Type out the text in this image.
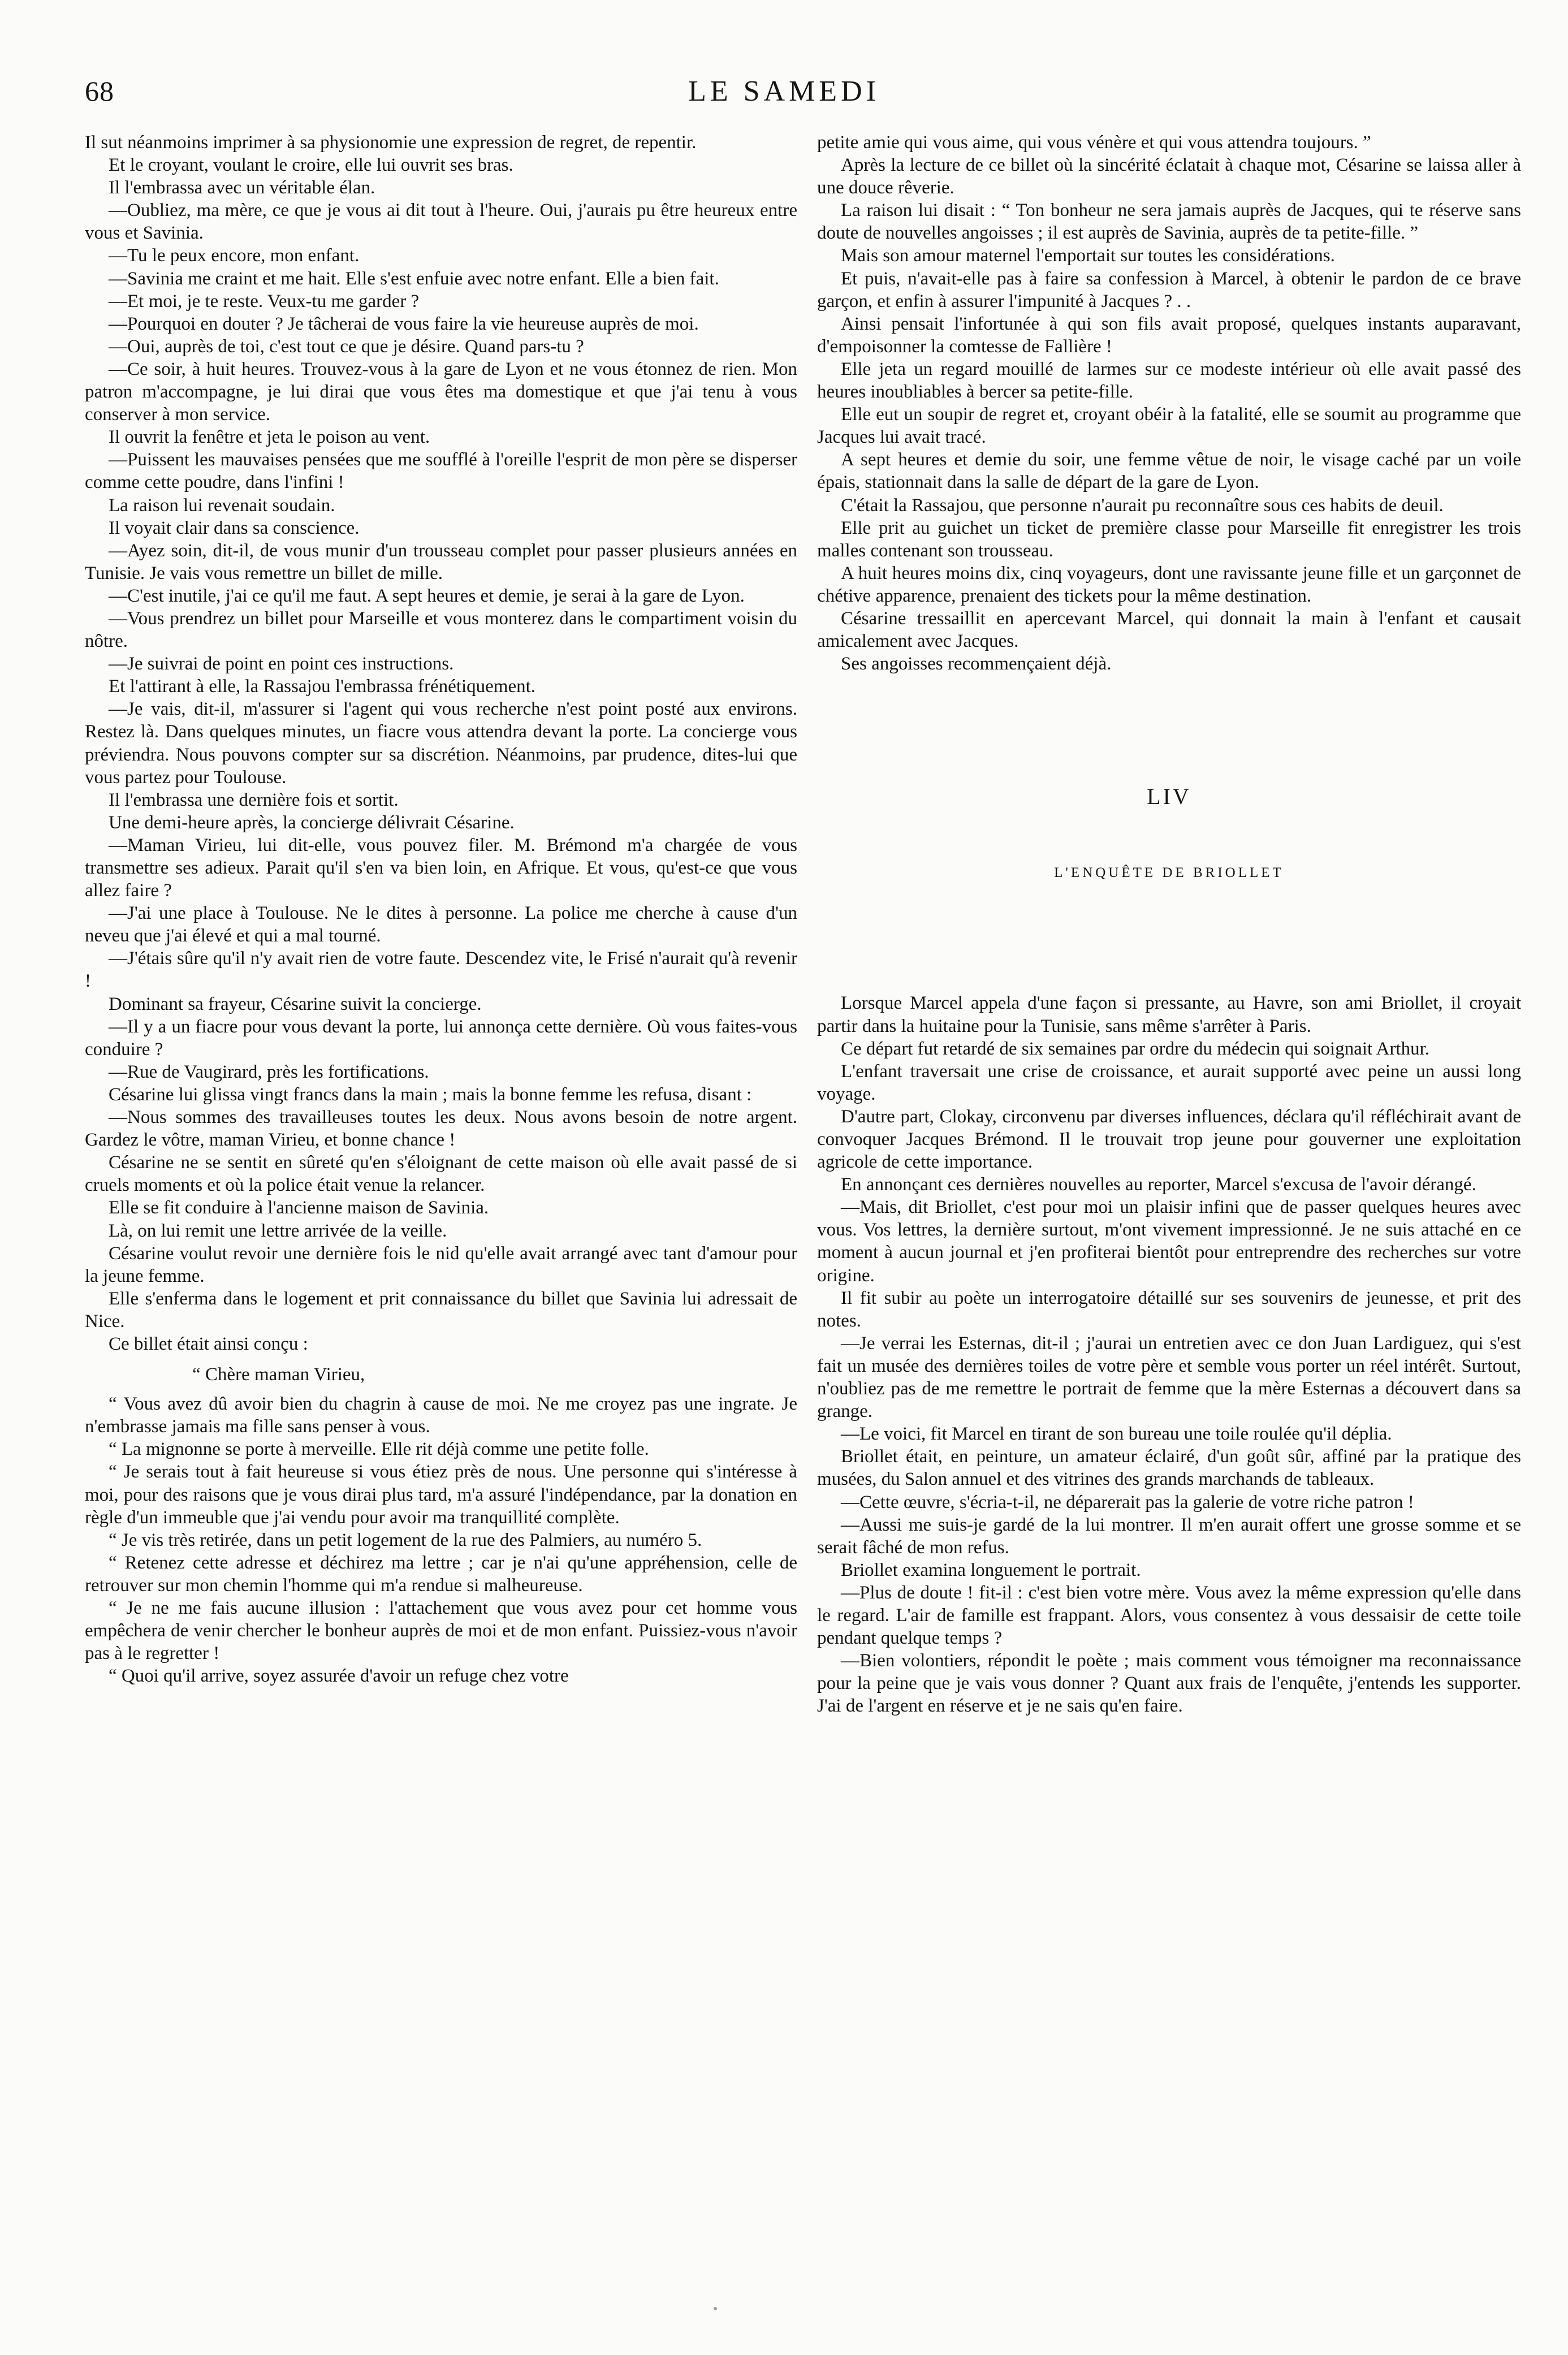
68	LE SAMEDI

Il sut néanmoins imprimer à sa physionomie une expression de regret, de repentir.

Et le croyant, voulant le croire, elle lui ouvrit ses bras.

Il l'embrassa avec un véritable élan.

—Oubliez, ma mère, ce que je vous ai dit tout à l'heure. Oui, j'aurais pu être heureux entre vous et Savinia.

—Tu le peux encore, mon enfant.

—Savinia me craint et me hait. Elle s'est enfuie avec notre enfant. Elle a bien fait.

—Et moi, je te reste. Veux-tu me garder ?

—Pourquoi en douter ? Je tâcherai de vous faire la vie heureuse auprès de moi.

—Oui, auprès de toi, c'est tout ce que je désire. Quand pars-tu ?

—Ce soir, à huit heures. Trouvez-vous à la gare de Lyon et ne vous étonnez de rien. Mon patron m'accompagne, je lui dirai que vous êtes ma domestique et que j'ai tenu à vous conserver à mon service.

Il ouvrit la fenêtre et jeta le poison au vent.

—Puissent les mauvaises pensées que me soufflé à l'oreille l'esprit de mon père se disperser comme cette poudre, dans l'infini !

La raison lui revenait soudain.

Il voyait clair dans sa conscience.

—Ayez soin, dit-il, de vous munir d'un trousseau complet pour passer plusieurs années en Tunisie. Je vais vous remettre un billet de mille.

—C'est inutile, j'ai ce qu'il me faut. A sept heures et demie, je serai à la gare de Lyon.

—Vous prendrez un billet pour Marseille et vous monterez dans le compartiment voisin du nôtre.

—Je suivrai de point en point ces instructions.

Et l'attirant à elle, la Rassajou l'embrassa frénétiquement.

—Je vais, dit-il, m'assurer si l'agent qui vous recherche n'est point posté aux environs. Restez là. Dans quelques minutes, un fiacre vous attendra devant la porte. La concierge vous préviendra. Nous pouvons compter sur sa discrétion. Néanmoins, par prudence, dites-lui que vous partez pour Toulouse.

Il l'embrassa une dernière fois et sortit.

Une demi-heure après, la concierge délivrait Césarine.

—Maman Virieu, lui dit-elle, vous pouvez filer. M. Brémond m'a chargée de vous transmettre ses adieux. Parait qu'il s'en va bien loin, en Afrique. Et vous, qu'est-ce que vous allez faire ?

—J'ai une place à Toulouse. Ne le dites à personne. La police me cherche à cause d'un neveu que j'ai élevé et qui a mal tourné.

—J'étais sûre qu'il n'y avait rien de votre faute. Descendez vite, le Frisé n'aurait qu'à revenir !

Dominant sa frayeur, Césarine suivit la concierge.

—Il y a un fiacre pour vous devant la porte, lui annonça cette dernière. Où vous faites-vous conduire ?

—Rue de Vaugirard, près les fortifications.

Césarine lui glissa vingt francs dans la main ; mais la bonne femme les refusa, disant :

—Nous sommes des travailleuses toutes les deux. Nous avons besoin de notre argent. Gardez le vôtre, maman Virieu, et bonne chance !

Césarine ne se sentit en sûreté qu'en s'éloignant de cette maison où elle avait passé de si cruels moments et où la police était venue la relancer.

Elle se fit conduire à l'ancienne maison de Savinia.

Là, on lui remit une lettre arrivée de la veille.

Césarine voulut revoir une dernière fois le nid qu'elle avait arrangé avec tant d'amour pour la jeune femme.

Elle s'enferma dans le logement et prit connaissance du billet que Savinia lui adressait de Nice.

Ce billet était ainsi conçu :

“ Chère maman Virieu,

“ Vous avez dû avoir bien du chagrin à cause de moi. Ne me croyez pas une ingrate. Je n'embrasse jamais ma fille sans penser à vous.

“ La mignonne se porte à merveille. Elle rit déjà comme une petite folle.

“ Je serais tout à fait heureuse si vous étiez près de nous. Une personne qui s'intéresse à moi, pour des raisons que je vous dirai plus tard, m'a assuré l'indépendance, par la donation en règle d'un immeuble que j'ai vendu pour avoir ma tranquillité complète.

“ Je vis très retirée, dans un petit logement de la rue des Palmiers, au numéro 5.

“ Retenez cette adresse et déchirez ma lettre ; car je n'ai qu'une appréhension, celle de retrouver sur mon chemin l'homme qui m'a rendue si malheureuse.

“ Je ne me fais aucune illusion : l'attachement que vous avez pour cet homme vous empêchera de venir chercher le bonheur auprès de moi et de mon enfant. Puissiez-vous n'avoir pas à le regretter !

“ Quoi qu'il arrive, soyez assurée d'avoir un refuge chez votre

petite amie qui vous aime, qui vous vénère et qui vous attendra toujours. ”

Après la lecture de ce billet où la sincérité éclatait à chaque mot, Césarine se laissa aller à une douce rêverie.

La raison lui disait : “ Ton bonheur ne sera jamais auprès de Jacques, qui te réserve sans doute de nouvelles angoisses ; il est auprès de Savinia, auprès de ta petite-fille. ”

Mais son amour maternel l'emportait sur toutes les considérations.

Et puis, n'avait-elle pas à faire sa confession à Marcel, à obtenir le pardon de ce brave garçon, et enfin à assurer l'impunité à Jacques ? . .

Ainsi pensait l'infortunée à qui son fils avait proposé, quelques instants auparavant, d'empoisonner la comtesse de Fallière !

Elle jeta un regard mouillé de larmes sur ce modeste intérieur où elle avait passé des heures inoubliables à bercer sa petite-fille.

Elle eut un soupir de regret et, croyant obéir à la fatalité, elle se soumit au programme que Jacques lui avait tracé.

A sept heures et demie du soir, une femme vêtue de noir, le visage caché par un voile épais, stationnait dans la salle de départ de la gare de Lyon.

C'était la Rassajou, que personne n'aurait pu reconnaître sous ces habits de deuil.

Elle prit au guichet un ticket de première classe pour Marseille fit enregistrer les trois malles contenant son trousseau.

A huit heures moins dix, cinq voyageurs, dont une ravissante jeune fille et un garçonnet de chétive apparence, prenaient des tickets pour la même destination.

Césarine tressaillit en apercevant Marcel, qui donnait la main à l'enfant et causait amicalement avec Jacques.

Ses angoisses recommençaient déjà.

LIV

L'ENQUÊTE DE BRIOLLET

Lorsque Marcel appela d'une façon si pressante, au Havre, son ami Briollet, il croyait partir dans la huitaine pour la Tunisie, sans même s'arrêter à Paris.

Ce départ fut retardé de six semaines par ordre du médecin qui soignait Arthur.

L'enfant traversait une crise de croissance, et aurait supporté avec peine un aussi long voyage.

D'autre part, Clokay, circonvenu par diverses influences, déclara qu'il réfléchirait avant de convoquer Jacques Brémond. Il le trouvait trop jeune pour gouverner une exploitation agricole de cette importance.

En annonçant ces dernières nouvelles au reporter, Marcel s'excusa de l'avoir dérangé.

—Mais, dit Briollet, c'est pour moi un plaisir infini que de passer quelques heures avec vous. Vos lettres, la dernière surtout, m'ont vivement impressionné. Je ne suis attaché en ce moment à aucun journal et j'en profiterai bientôt pour entreprendre des recherches sur votre origine.

Il fit subir au poète un interrogatoire détaillé sur ses souvenirs de jeunesse, et prit des notes.

—Je verrai les Esternas, dit-il ; j'aurai un entretien avec ce don Juan Lardiguez, qui s'est fait un musée des dernières toiles de votre père et semble vous porter un réel intérêt. Surtout, n'oubliez pas de me remettre le portrait de femme que la mère Esternas a découvert dans sa grange.

—Le voici, fit Marcel en tirant de son bureau une toile roulée qu'il déplia.

Briollet était, en peinture, un amateur éclairé, d'un goût sûr, affiné par la pratique des musées, du Salon annuel et des vitrines des grands marchands de tableaux.

—Cette œuvre, s'écria-t-il, ne déparerait pas la galerie de votre riche patron !

—Aussi me suis-je gardé de la lui montrer. Il m'en aurait offert une grosse somme et se serait fâché de mon refus.

Briollet examina longuement le portrait.

—Plus de doute ! fit-il : c'est bien votre mère. Vous avez la même expression qu'elle dans le regard. L'air de famille est frappant. Alors, vous consentez à vous dessaisir de cette toile pendant quelque temps ?

—Bien volontiers, répondit le poète ; mais comment vous témoigner ma reconnaissance pour la peine que je vais vous donner ? Quant aux frais de l'enquête, j'entends les supporter. J'ai de l'argent en réserve et je ne sais qu'en faire.
